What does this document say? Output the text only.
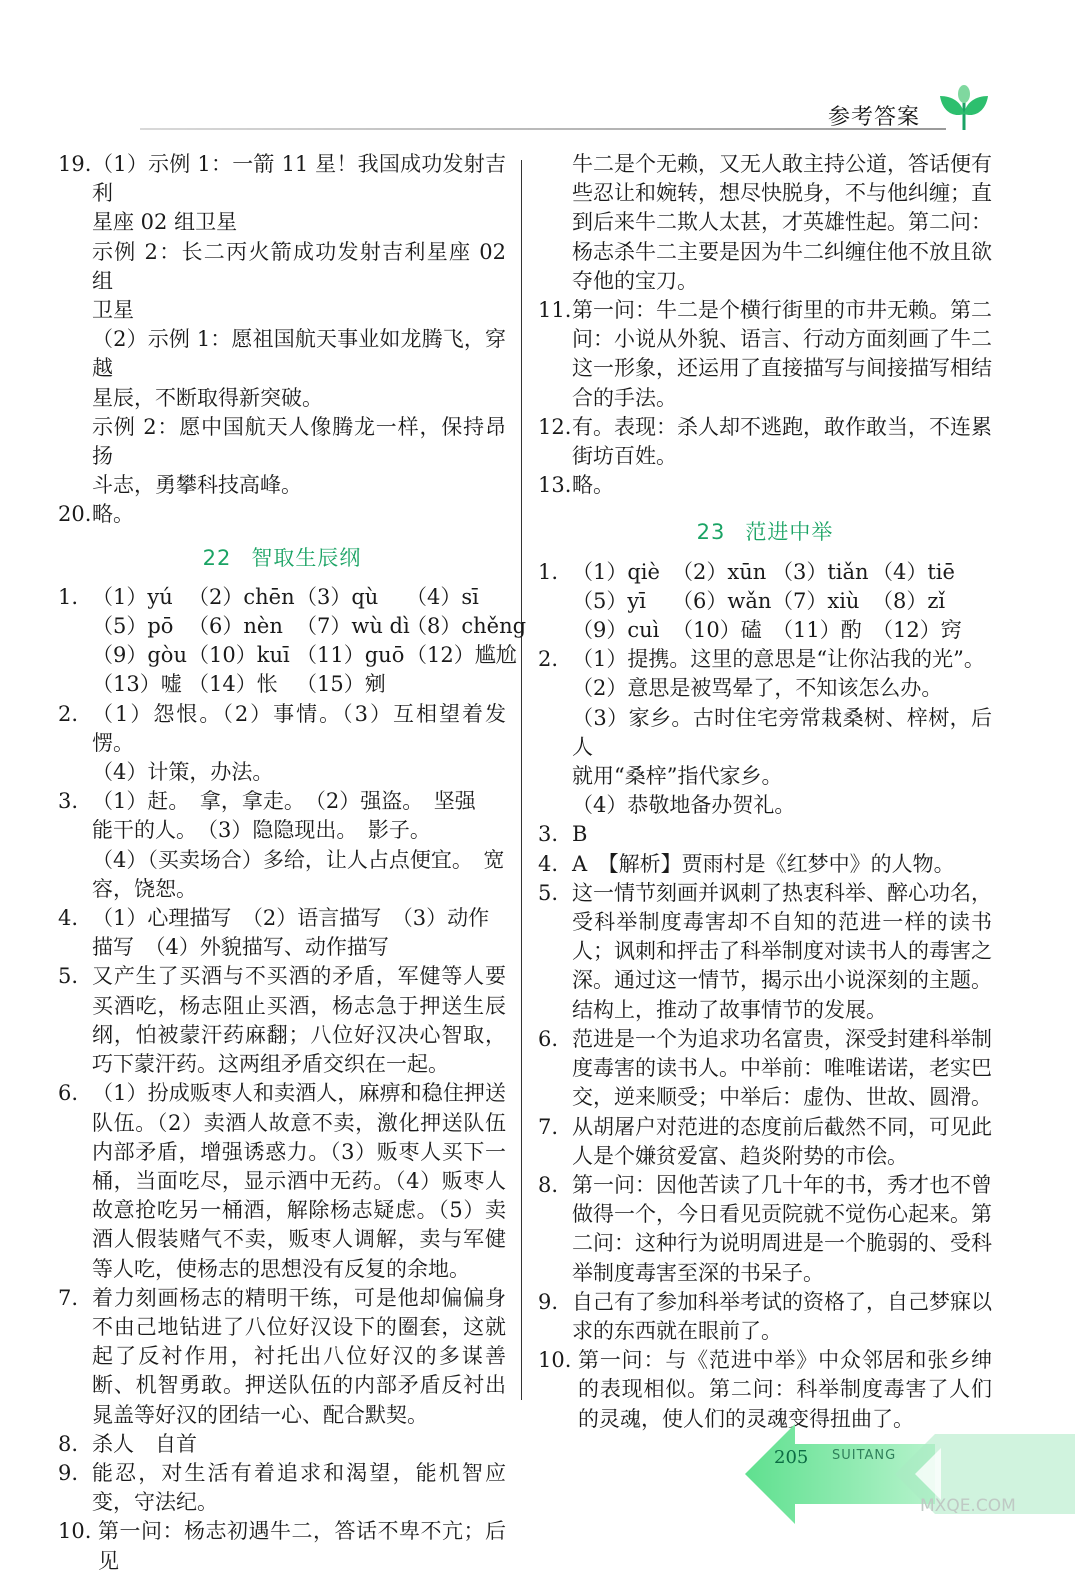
参考答案
19. （1）示例 1：一箭 11 星！我国成功发射吉利
星座 02 组卫星
示例 2：长二丙火箭成功发射吉利星座 02 组
卫星
（2）示例 1：愿祖国航天事业如龙腾飞，穿越
星辰，不断取得新突破。
示例 2：愿中国航天人像腾龙一样，保持昂扬
斗志，勇攀科技高峰。
20. 略。
22 智取生辰纲
1. （1）yú （2）chēn（3）qù （4）sī
（5）pō （6）nèn （7）wù dì（8）chěng
（9）gòu（10）kuī （11）guō（12）尴尬
（13）嘘 （14）怅 （15）剜
2. （1）怨恨。（2）事情。（3）互相望着发愣。
（4）计策，办法。
3. （1）赶。　拿，拿走。　（2）强盗。　坚强
能干的人。　（3）隐隐现出。　影子。
（4）（买卖场合）多给，让人占点便宜。　宽
容，饶恕。
4. （1）心理描写　（2）语言描写　（3）动作
描写　（4）外貌描写、动作描写
5. 又产生了买酒与不买酒的矛盾，军健等人要买酒吃，杨志阻止买酒，杨志急于押送生辰纲，怕被蒙汗药麻翻；八位好汉决心智取，巧下蒙汗药。这两组矛盾交织在一起。
6. （1）扮成贩枣人和卖酒人，麻痹和稳住押送队伍。（2）卖酒人故意不卖，激化押送队伍内部矛盾，增强诱惑力。（3）贩枣人买下一桶，当面吃尽，显示酒中无药。（4）贩枣人故意抢吃另一桶酒，解除杨志疑虑。（5）卖酒人假装赌气不卖，贩枣人调解，卖与军健等人吃，使杨志的思想没有反复的余地。
7. 着力刻画杨志的精明干练，可是他却偏偏身不由己地钻进了八位好汉设下的圈套，这就起了反衬作用，衬托出八位好汉的多谋善断、机智勇敢。押送队伍的内部矛盾反衬出晁盖等好汉的团结一心、配合默契。
8. 杀人　自首
9. 能忍，对生活有着追求和渴望，能机智应变，守法纪。
10. 第一问：杨志初遇牛二，答话不卑不亢；后见
牛二是个无赖，又无人敢主持公道，答话便有些忍让和婉转，想尽快脱身，不与他纠缠；直到后来牛二欺人太甚，才英雄性起。第二问：杨志杀牛二主要是因为牛二纠缠住他不放且欲夺他的宝刀。
11. 第一问：牛二是个横行街里的市井无赖。第二问：小说从外貌、语言、行动方面刻画了牛二这一形象，还运用了直接描写与间接描写相结合的手法。
12. 有。表现：杀人却不逃跑，敢作敢当，不连累街坊百姓。
13. 略。
23 范进中举
1. （1）qiè （2）xūn （3）tiǎn （4）tiē
（5）yī （6）wǎn（7）xiù （8）zǐ
（9）cuì （10）磕 （11）酌 （12）窍
2. （1）提携。这里的意思是“让你沾我的光”。
（2）意思是被骂晕了，不知该怎么办。
（3）家乡。古时住宅旁常栽桑树、梓树，后人
就用“桑梓”指代家乡。
（4）恭敬地备办贺礼。
3. B
4. A　【解析】贾雨村是《红梦中》的人物。
5. 这一情节刻画并讽刺了热衷科举、醉心功名，受科举制度毒害却不自知的范进一样的读书人；讽刺和抨击了科举制度对读书人的毒害之深。通过这一情节，揭示出小说深刻的主题。结构上，推动了故事情节的发展。
6. 范进是一个为追求功名富贵，深受封建科举制度毒害的读书人。中举前：唯唯诺诺，老实巴交，逆来顺受；中举后：虚伪、世故、圆滑。
7. 从胡屠户对范进的态度前后截然不同，可见此人是个嫌贫爱富、趋炎附势的市侩。
8. 第一问：因他苦读了几十年的书，秀才也不曾做得一个，今日看见贡院就不觉伤心起来。第二问：这种行为说明周进是一个脆弱的、受科举制度毒害至深的书呆子。
9. 自己有了参加科举考试的资格了，自己梦寐以求的东西就在眼前了。
10. 第一问：与《范进中举》中众邻居和张乡绅的表现相似。第二问：科举制度毒害了人们的灵魂，使人们的灵魂变得扭曲了。
205 SUITANG
MXQE.COM
